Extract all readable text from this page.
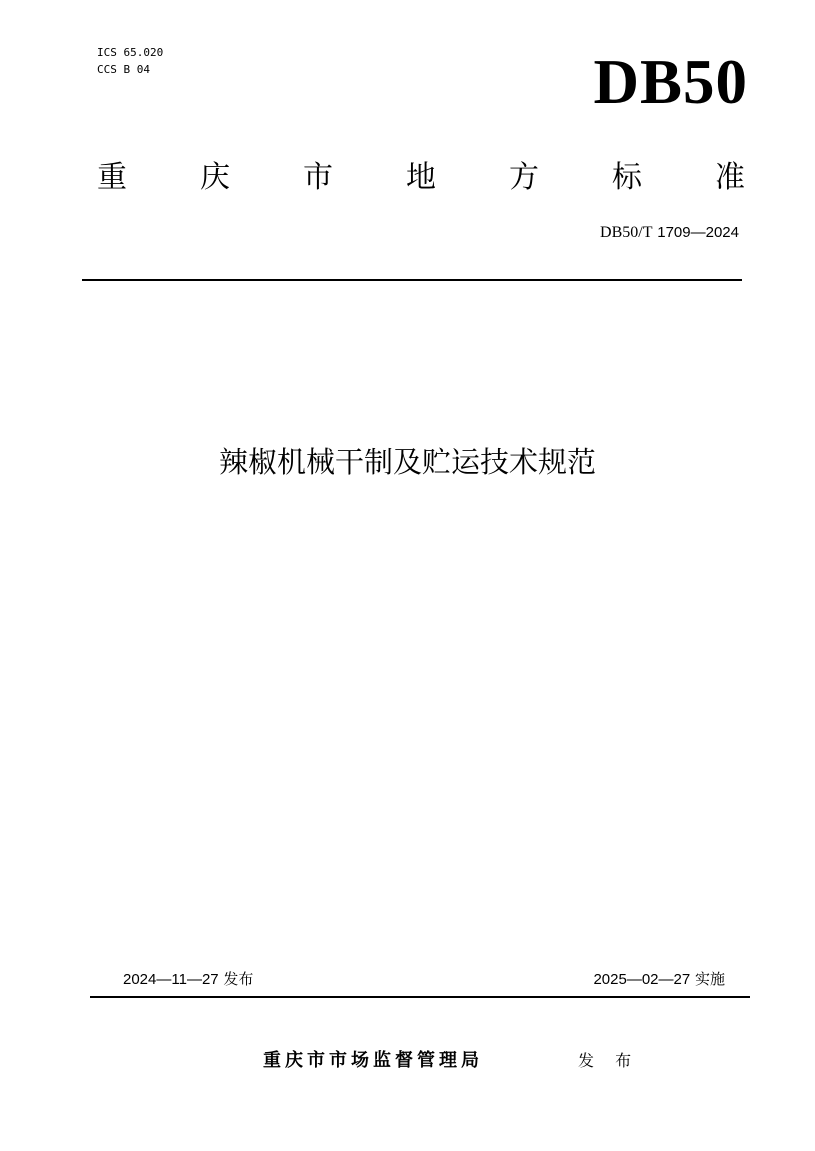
ICS 65.020
CCS B 04	DB50
重 庆 市 地 方 标 准
DB50/T 1709—2024
辣椒机械干制及贮运技术规范
2024—11—27 发布	2025—02—27 实施
重庆市市场监督管理局	发 布
